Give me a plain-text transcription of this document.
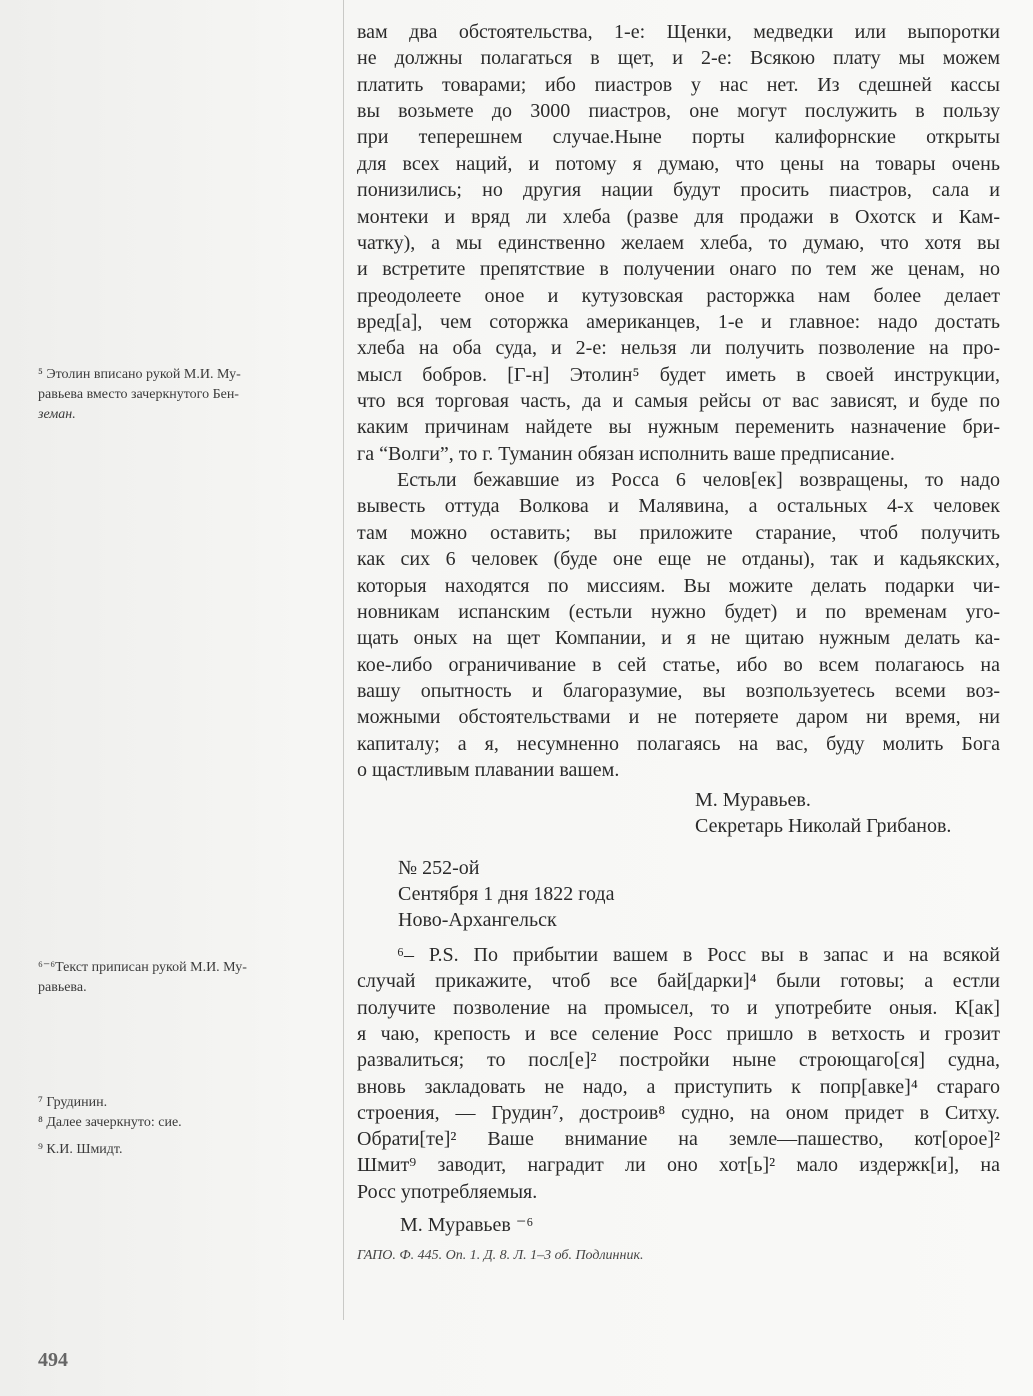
вам два обстоятельства, 1-е: Щенки, медведки или выпоротки
не должны полагаться в щет, и 2-е: Всякою плату мы можем
платить товарами; ибо пиастров у нас нет. Из сдешней кассы
вы возьмете до 3000 пиастров, оне могут послужить в пользу
при теперешнем случае.Ныне порты калифорнские открыты
для всех наций, и потому я думаю, что цены на товары очень
понизились; но другия нации будут просить пиастров, сала и
монтеки и вряд ли хлеба (разве для продажи в Охотск и Кам-
чатку), а мы единственно желаем хлеба, то думаю, что хотя вы
и встретите препятствие в получении онаго по тем же ценам, но
преодолеете оное и кутузовская расторжка нам более делает
вред[а], чем соторжка американцев, 1-е и главное: надо достать
хлеба на оба суда, и 2-е: нельзя ли получить позволение на про-
мысл бобров. [Г-н] Этолин⁵ будет иметь в своей инструкции,
что вся торговая часть, да и самыя рейсы от вас зависят, и буде по
каким причинам найдете вы нужным переменить назначение бри-
га “Волги”, то г. Туманин обязан исполнить ваше предписание.
Естьли бежавшие из Росса 6 челов[ек] возвращены, то надо
вывесть оттуда Волкова и Малявина, а остальных 4-х человек
там можно оставить; вы приложите старание, чтоб получить
как сих 6 человек (буде оне еще не отданы), так и кадьякских,
которыя находятся по миссиям. Вы можите делать подарки чи-
новникам испанским (естьли нужно будет) и по временам уго-
щать оных на щет Компании, и я не щитаю нужным делать ка-
кое-либо ограничивание в сей статье, ибо во всем полагаюсь на
вашу опытность и благоразумие, вы возпользуетесь всеми воз-
можными обстоятельствами и не потеряете даром ни время, ни
капиталу; а я, несумненно полагаясь на вас, буду молить Бога
о щастливым плавании вашем.
М. Муравьев.
Секретарь Николай Грибанов.
№ 252-ой
Сентября 1 дня 1822 года
Ново-Архангельск
⁶– Р.S. По прибытии вашем в Росс вы в запас и на всякой
случай прикажите, чтоб все бай[дарки]⁴ были готовы; а естли
получите позволение на промысел, то и употребите оныя. К[ак]
я чаю, крепость и все селение Росс пришло в ветхость и грозит
развалиться; то посл[е]² постройки ныне строющаго[ся] судна,
вновь закладовать не надо, а приступить к попр[авке]⁴ стараго
строения, — Грудин⁷, достроив⁸ судно, на оном придет в Ситху.
Обрати[те]² Ваше внимание на земле—пашество, кот[орое]²
Шмит⁹ заводит, наградит ли оно хот[ь]² мало издержк[и], на
Росс употребляемыя.
М. Муравьев ⁻⁶
ГАПО. Ф. 445. Оп. 1. Д. 8. Л. 1–3 об. Подлинник.
⁵ Этолин вписано рукой М.И. Му-
равьева вместо зачеркнутого Бен-
земан.
⁶⁻⁶Текст приписан рукой М.И. Му-
равьева.
⁷ Грудинин.
⁸ Далее зачеркнуто: сие.
⁹ К.И. Шмидт.
494
